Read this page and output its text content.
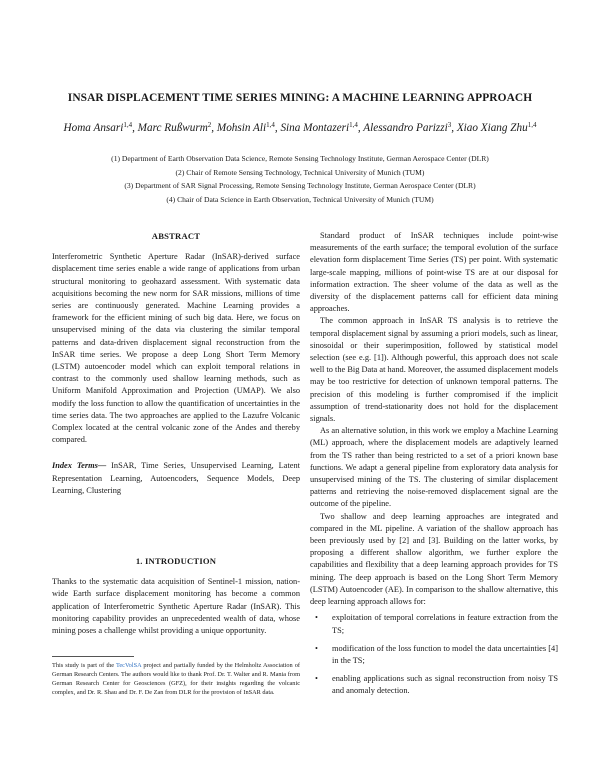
INSAR DISPLACEMENT TIME SERIES MINING: A MACHINE LEARNING APPROACH
Homa Ansari$^{1,4}$, Marc Rußwurm$^2$, Mohsin Ali$^{1,4}$, Sina Montazeri$^{1,4}$, Alessandro Parizzi$^3$, Xiao Xiang Zhu$^{1,4}$
(1) Department of Earth Observation Data Science, Remote Sensing Technology Institute, German Aerospace Center (DLR)
(2) Chair of Remote Sensing Technology, Technical University of Munich (TUM)
(3) Department of SAR Signal Processing, Remote Sensing Technology Institute, German Aerospace Center (DLR)
(4) Chair of Data Science in Earth Observation, Technical University of Munich (TUM)
ABSTRACT

Interferometric Synthetic Aperture Radar (InSAR)-derived surface displacement time series enable a wide range of applications from urban structural monitoring to geohazard assessment. With systematic data acquisitions becoming the new norm for SAR missions, millions of time series are continuously generated. Machine Learning provides a framework for the efficient mining of such big data. Here, we focus on unsupervised mining of the data via clustering the similar temporal patterns and data-driven displacement signal reconstruction from the InSAR time series. We propose a deep Long Short Term Memory (LSTM) autoencoder model which can exploit temporal relations in contrast to the commonly used shallow learning methods, such as Uniform Manifold Approximation and Projection (UMAP). We also modify the loss function to allow the quantification of uncertainties in the time series data. The two approaches are applied to the Lazufre Volcanic Complex located at the central volcanic zone of the Andes and thereby compared.

Index Terms— InSAR, Time Series, Unsupervised Learning, Latent Representation Learning, Autoencoders, Sequence Models, Deep Learning, Clustering

1. INTRODUCTION

Thanks to the systematic data acquisition of Sentinel-1 mission, nation-wide Earth surface displacement monitoring has become a common application of Interferometric Synthetic Aperture Radar (InSAR). This monitoring capability provides an unprecedented wealth of data, whose mining poses a challenge whilst providing a unique opportunity.

This study is part of the TecVolSA project and partially funded by the Helmholtz Association of German Research Centers. The authors would like to thank Prof. Dr. T. Walter and R. Mania from German Research Center for Geosciences (GFZ), for their insights regarding the volcanic complex, and Dr. R. Shau and Dr. F. De Zan from DLR for the provision of InSAR data.

Standard product of InSAR techniques include point-wise measurements of the earth surface; the temporal evolution of the surface elevation form displacement Time Series (TS) per point. With systematic large-scale mapping, millions of point-wise TS are at our disposal for information extraction. The sheer volume of the data as well as the diversity of the displacement patterns call for efficient data mining approaches.

The common approach in InSAR TS analysis is to retrieve the temporal displacement signal by assuming a priori models, such as linear, sinosoidal or their superimposition, followed by statistical model selection (see e.g. [1]). Although powerful, this approach does not scale well to the Big Data at hand. Moreover, the assumed displacement models may be too restrictive for detection of unknown temporal patterns. The precision of this modeling is further compromised if the implicit assumption of trend-stationarity does not hold for the displacement signals.

As an alternative solution, in this work we employ a Machine Learning (ML) approach, where the displacement models are adaptively learned from the TS rather than being restricted to a set of a priori known base functions. We adapt a general pipeline from exploratory data analysis for unsupervised mining of the TS. The clustering of similar displacement patterns and retrieving the noise-removed displacement signal are the outcome of the pipeline.

Two shallow and deep learning approaches are integrated and compared in the ML pipeline. A variation of the shallow approach has been previously used by [2] and [3]. Building on the latter works, by proposing a different shallow algorithm, we further explore the capabilities and flexibility that a deep learning approach provides for TS mining. The deep approach is based on the Long Short Term Memory (LSTM) Autoencoder (AE). In comparison to the shallow alternative, this deep learning approach allows for:

• exploitation of temporal correlations in feature extraction from the TS;
• modification of the loss function to model the data uncertainties [4] in the TS;
• enabling applications such as signal reconstruction from noisy TS and anomaly detection.
